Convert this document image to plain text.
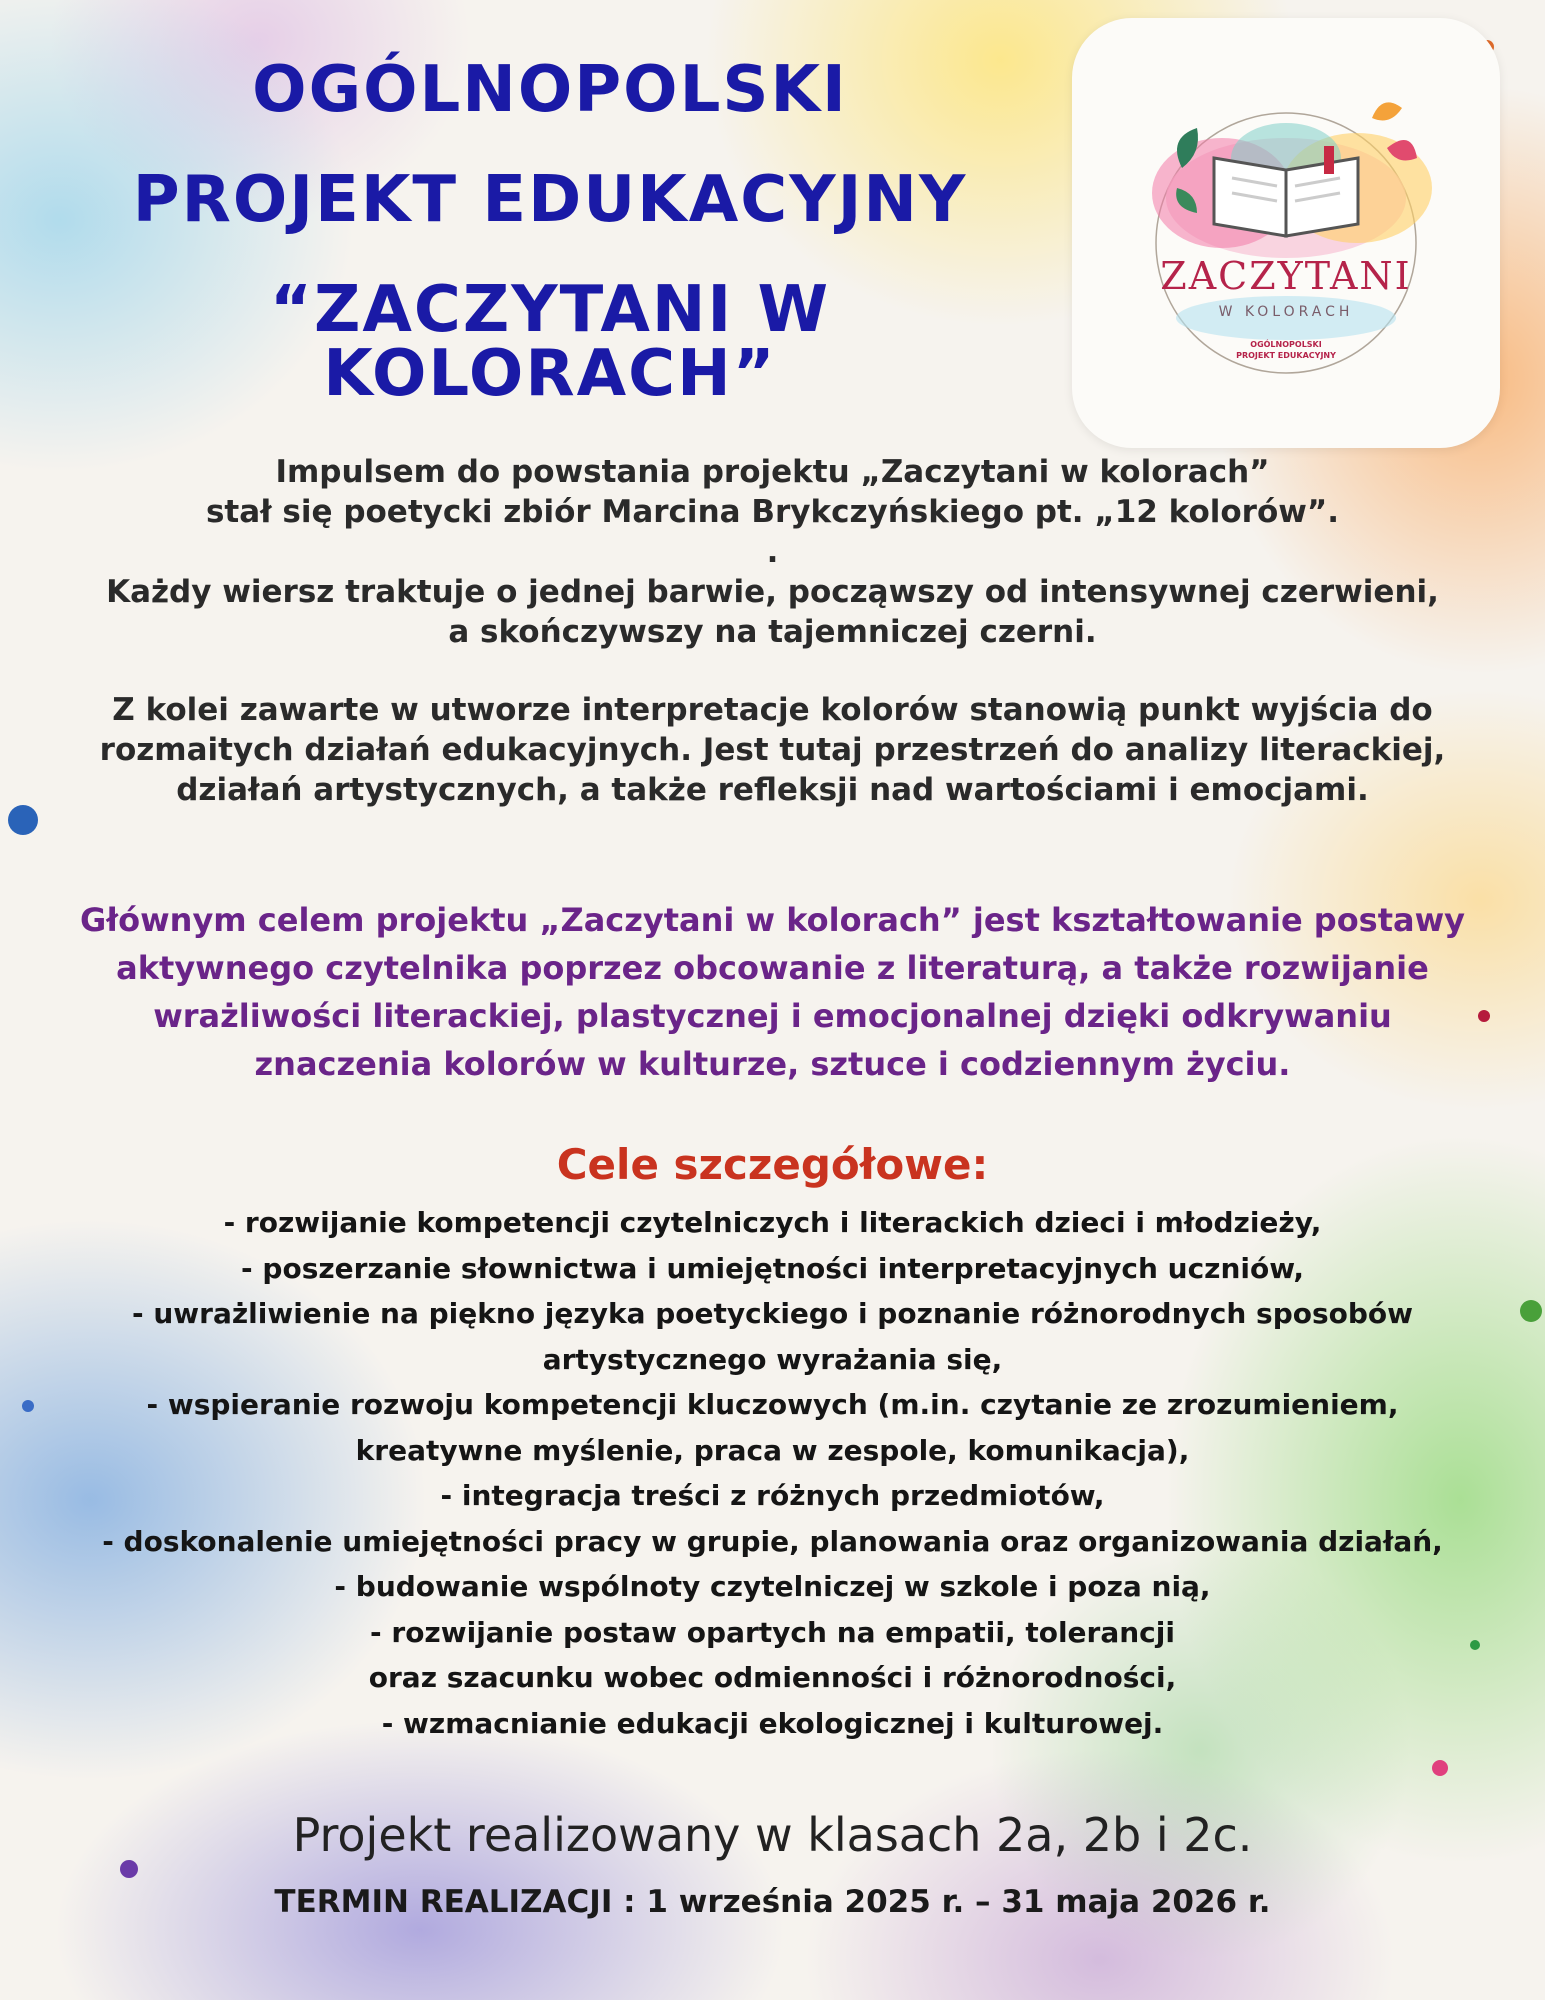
OGÓLNOPOLSKI
PROJEKT EDUKACYJNY
“ZACZYTANI W KOLORACH”
ZACZYTANI
W KOLORACH
OGÓLNOPOLSKI
PROJEKT EDUKACYJNY
Impulsem do powstania projektu „Zaczytani w kolorach”
stał się poetycki zbiór Marcina Brykczyńskiego pt. „12 kolorów”.
.
Każdy wiersz traktuje o jednej barwie, począwszy od intensywnej czerwieni,
a skończywszy na tajemniczej czerni.
Z kolei zawarte w utworze interpretacje kolorów stanowią punkt wyjścia do
rozmaitych działań edukacyjnych. Jest tutaj przestrzeń do analizy literackiej,
działań artystycznych, a także refleksji nad wartościami i emocjami.
Głównym celem projektu „Zaczytani w kolorach” jest kształtowanie postawy
aktywnego czytelnika poprzez obcowanie z literaturą, a także rozwijanie
wrażliwości literackiej, plastycznej i emocjonalnej dzięki odkrywaniu
znaczenia kolorów w kulturze, sztuce i codziennym życiu.
Cele szczegółowe:
- rozwijanie kompetencji czytelniczych i literackich dzieci i młodzieży,
- poszerzanie słownictwa i umiejętności interpretacyjnych uczniów,
- uwrażliwienie na piękno języka poetyckiego i poznanie różnorodnych sposobów
artystycznego wyrażania się,
- wspieranie rozwoju kompetencji kluczowych (m.in. czytanie ze zrozumieniem,
kreatywne myślenie, praca w zespole, komunikacja),
- integracja treści z różnych przedmiotów,
- doskonalenie umiejętności pracy w grupie, planowania oraz organizowania działań,
- budowanie wspólnoty czytelniczej w szkole i poza nią,
- rozwijanie postaw opartych na empatii, tolerancji
oraz szacunku wobec odmienności i różnorodności,
- wzmacnianie edukacji ekologicznej i kulturowej.
Projekt realizowany w klasach 2a, 2b i 2c.
TERMIN REALIZACJI : 1 września 2025 r. – 31 maja 2026 r.
